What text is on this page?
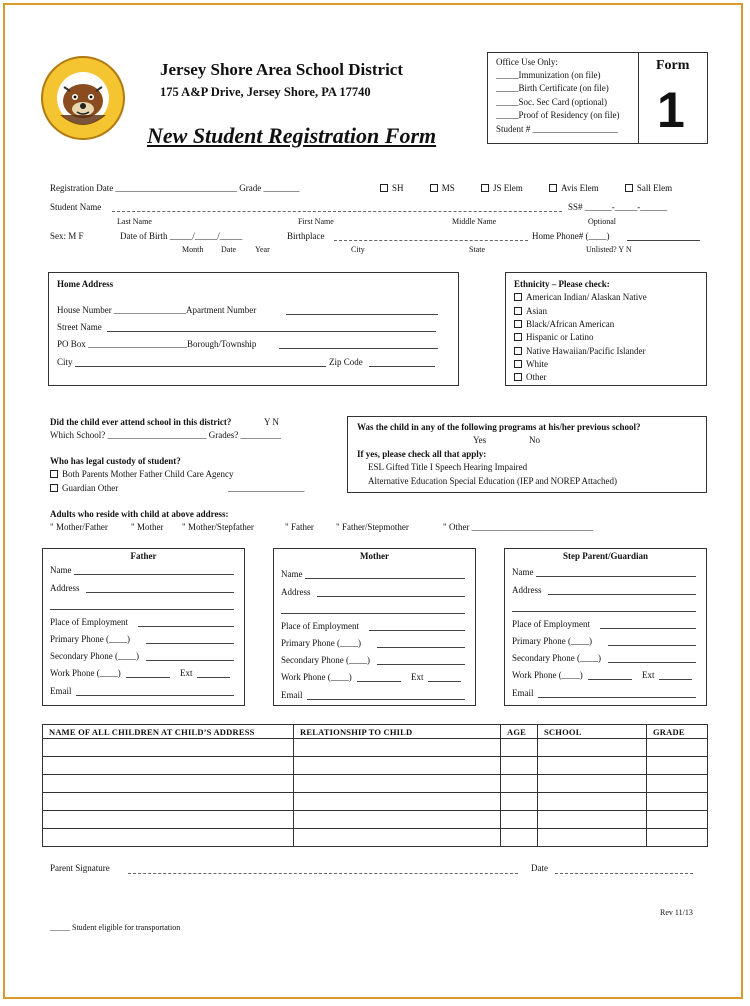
Jersey Shore Area School District
175 A&P Drive, Jersey Shore, PA 17740
New Student Registration Form
Office Use Only:
_____Immunization (on file)
_____Birth Certificate (on file)
_____Soc. Sec Card (optional)
_____Proof of Residency (on file)
Student # ___________________
Form
1
Registration Date ___________________________ Grade ________	SH	MS	JS Elem	Avis Elem	Sall Elem
Student Name	SS# ______-_____-______
Last Name	First Name	Middle Name	Optional
Sex: M F	Date of Birth _____/_____/_____	Birthplace	Home Phone# (____)
Month Date Year	City	State	Unlisted? Y N
Home Address
House Number ________________Apartment Number
Street Name
PO Box ______________________Borough/Township
City	Zip Code
Ethnicity – Please check:
American Indian/ Alaskan Native
Asian
Black/African American
Hispanic or Latino
Native Hawaiian/Pacific Islander
White
Other
Did the child ever attend school in this district?	Y N
Which School? ______________________ Grades? _________
Who has legal custody of student?
Both Parents Mother Father Child Care Agency
Guardian Other	_________________
Was the child in any of the following programs at his/her previous school?
Yes	No
If yes, please check all that apply:
ESL Gifted Title I Speech Hearing Impaired
Alternative Education Special Education (IEP and NOREP Attached)
Adults who reside with child at above address:
" Mother/Father	" Mother " Mother/Stepfather	" Father " Father/Stepmother	" Other ___________________________
Father
Name
Address
Place of Employment
Primary Phone (____)
Secondary Phone (____)
Work Phone (____)	Ext
Email
Mother
Name
Address
Place of Employment
Primary Phone (____)
Secondary Phone (____)
Work Phone (____)	Ext
Email
Step Parent/Guardian
Name
Address
Place of Employment
Primary Phone (____)
Secondary Phone (____)
Work Phone (____)	Ext
Email
NAME OF ALL CHILDREN AT CHILD’S ADDRESS	RELATIONSHIP TO CHILD	AGE	SCHOOL	GRADE

Parent Signature	Date
Rev 11/13
_____ Student eligible for transportation
